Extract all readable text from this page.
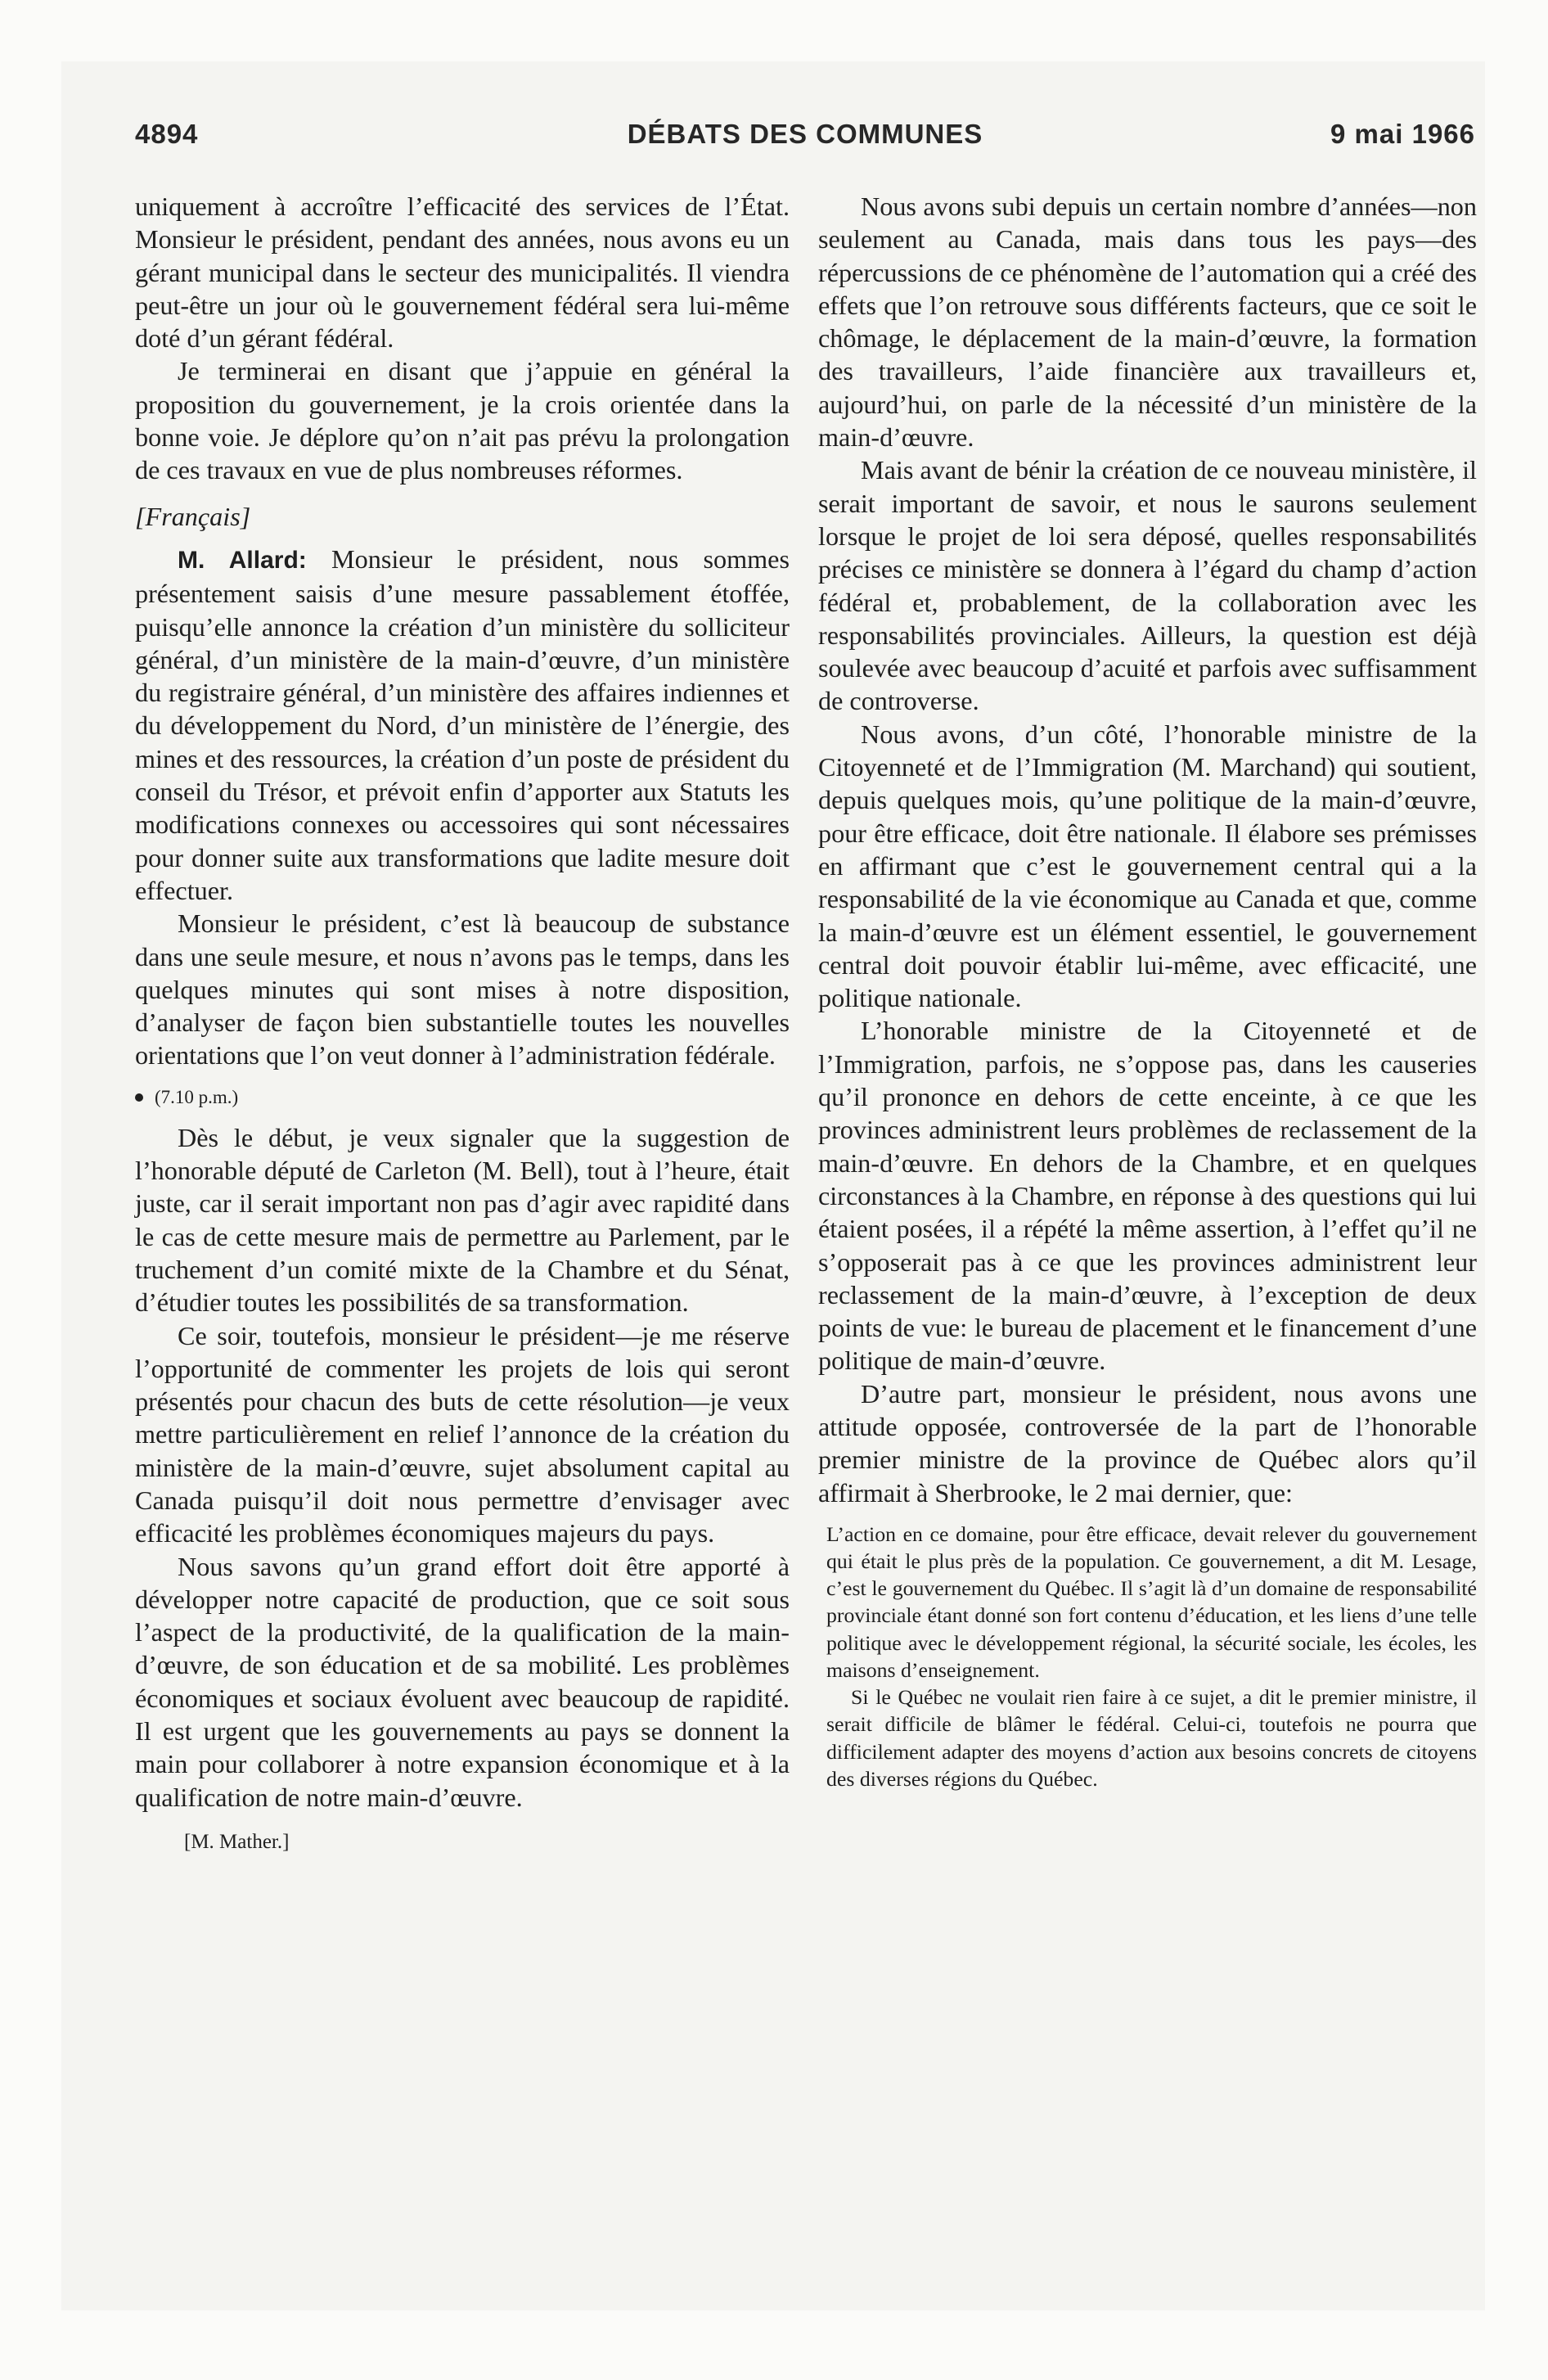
4894	DÉBATS DES COMMUNES	9 mai 1966

uniquement à accroître l’efficacité des services de l’État. Monsieur le président, pendant des années, nous avons eu un gérant municipal dans le secteur des municipalités. Il viendra peut-être un jour où le gouvernement fédéral sera lui-même doté d’un gérant fédéral.

Je terminerai en disant que j’appuie en général la proposition du gouvernement, je la crois orientée dans la bonne voie. Je déplore qu’on n’ait pas prévu la prolongation de ces travaux en vue de plus nombreuses réformes.

[Français]

M. Allard: Monsieur le président, nous sommes présentement saisis d’une mesure passablement étoffée, puisqu’elle annonce la création d’un ministère du solliciteur général, d’un ministère de la main-d’œuvre, d’un ministère du registraire général, d’un ministère des affaires indiennes et du développement du Nord, d’un ministère de l’énergie, des mines et des ressources, la création d’un poste de président du conseil du Trésor, et prévoit enfin d’apporter aux Statuts les modifications connexes ou accessoires qui sont nécessaires pour donner suite aux transformations que ladite mesure doit effectuer.

Monsieur le président, c’est là beaucoup de substance dans une seule mesure, et nous n’avons pas le temps, dans les quelques minutes qui sont mises à notre disposition, d’analyser de façon bien substantielle toutes les nouvelles orientations que l’on veut donner à l’administration fédérale.

(7.10 p.m.)

Dès le début, je veux signaler que la suggestion de l’honorable député de Carleton (M. Bell), tout à l’heure, était juste, car il serait important non pas d’agir avec rapidité dans le cas de cette mesure mais de permettre au Parlement, par le truchement d’un comité mixte de la Chambre et du Sénat, d’étudier toutes les possibilités de sa transformation.

Ce soir, toutefois, monsieur le président—je me réserve l’opportunité de commenter les projets de lois qui seront présentés pour chacun des buts de cette résolution—je veux mettre particulièrement en relief l’annonce de la création du ministère de la main-d’œuvre, sujet absolument capital au Canada puisqu’il doit nous permettre d’envisager avec efficacité les problèmes économiques majeurs du pays.

Nous savons qu’un grand effort doit être apporté à développer notre capacité de production, que ce soit sous l’aspect de la productivité, de la qualification de la main-d’œuvre, de son éducation et de sa mobilité. Les problèmes économiques et sociaux évoluent avec beaucoup de rapidité. Il est urgent que les gouvernements au pays se donnent la main pour collaborer à notre expansion économique et à la qualification de notre main-d’œuvre.

[M. Mather.]

Nous avons subi depuis un certain nombre d’années—non seulement au Canada, mais dans tous les pays—des répercussions de ce phénomène de l’automation qui a créé des effets que l’on retrouve sous différents facteurs, que ce soit le chômage, le déplacement de la main-d’œuvre, la formation des travailleurs, l’aide financière aux travailleurs et, aujourd’hui, on parle de la nécessité d’un ministère de la main-d’œuvre.

Mais avant de bénir la création de ce nouveau ministère, il serait important de savoir, et nous le saurons seulement lorsque le projet de loi sera déposé, quelles responsabilités précises ce ministère se donnera à l’égard du champ d’action fédéral et, probablement, de la collaboration avec les responsabilités provinciales. Ailleurs, la question est déjà soulevée avec beaucoup d’acuité et parfois avec suffisamment de controverse.

Nous avons, d’un côté, l’honorable ministre de la Citoyenneté et de l’Immigration (M. Marchand) qui soutient, depuis quelques mois, qu’une politique de la main-d’œuvre, pour être efficace, doit être nationale. Il élabore ses prémisses en affirmant que c’est le gouvernement central qui a la responsabilité de la vie économique au Canada et que, comme la main-d’œuvre est un élément essentiel, le gouvernement central doit pouvoir établir lui-même, avec efficacité, une politique nationale.

L’honorable ministre de la Citoyenneté et de l’Immigration, parfois, ne s’oppose pas, dans les causeries qu’il prononce en dehors de cette enceinte, à ce que les provinces administrent leurs problèmes de reclassement de la main-d’œuvre. En dehors de la Chambre, et en quelques circonstances à la Chambre, en réponse à des questions qui lui étaient posées, il a répété la même assertion, à l’effet qu’il ne s’opposerait pas à ce que les provinces administrent leur reclassement de la main-d’œuvre, à l’exception de deux points de vue: le bureau de placement et le financement d’une politique de main-d’œuvre.

D’autre part, monsieur le président, nous avons une attitude opposée, controversée de la part de l’honorable premier ministre de la province de Québec alors qu’il affirmait à Sherbrooke, le 2 mai dernier, que:

L’action en ce domaine, pour être efficace, devait relever du gouvernement qui était le plus près de la population. Ce gouvernement, a dit M. Lesage, c’est le gouvernement du Québec. Il s’agit là d’un domaine de responsabilité provinciale étant donné son fort contenu d’éducation, et les liens d’une telle politique avec le développement régional, la sécurité sociale, les écoles, les maisons d’enseignement.

Si le Québec ne voulait rien faire à ce sujet, a dit le premier ministre, il serait difficile de blâmer le fédéral. Celui-ci, toutefois ne pourra que difficilement adapter des moyens d’action aux besoins concrets de citoyens des diverses régions du Québec.
